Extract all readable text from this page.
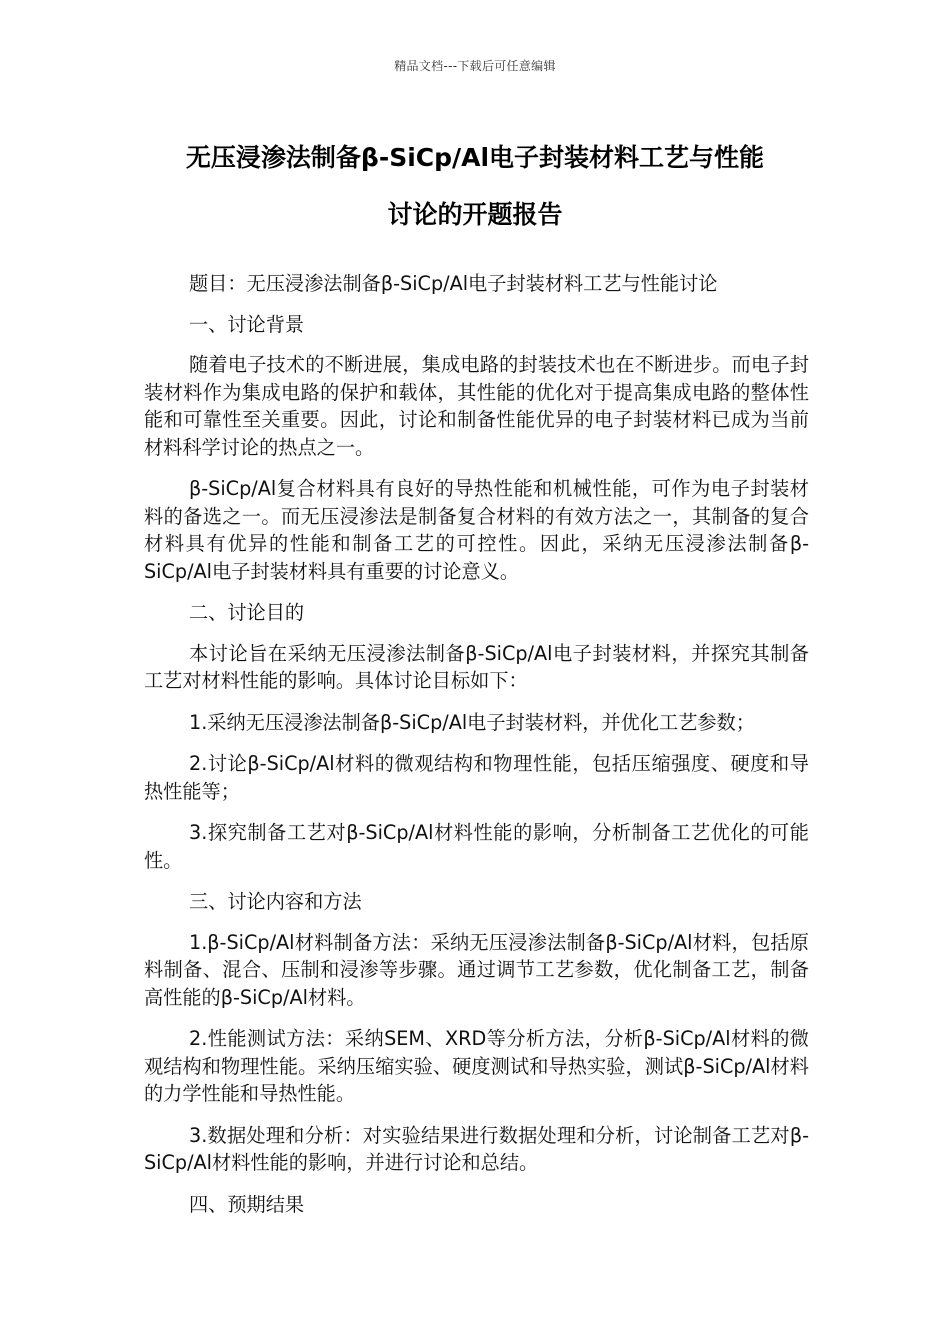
精品文档---下载后可任意编辑
无压浸渗法制备β-SiCp/Al电子封装材料工艺与性能
讨论的开题报告

题目：无压浸渗法制备β-SiCp/Al电子封装材料工艺与性能讨论

一、讨论背景

随着电子技术的不断进展，集成电路的封装技术也在不断进步。而电子封装材料作为集成电路的保护和载体，其性能的优化对于提高集成电路的整体性能和可靠性至关重要。因此，讨论和制备性能优异的电子封装材料已成为当前材料科学讨论的热点之一。

β-SiCp/Al复合材料具有良好的导热性能和机械性能，可作为电子封装材料的备选之一。而无压浸渗法是制备复合材料的有效方法之一，其制备的复合材料具有优异的性能和制备工艺的可控性。因此，采纳无压浸渗法制备β-SiCp/Al电子封装材料具有重要的讨论意义。

二、讨论目的

本讨论旨在采纳无压浸渗法制备β-SiCp/Al电子封装材料，并探究其制备工艺对材料性能的影响。具体讨论目标如下：

1.采纳无压浸渗法制备β-SiCp/Al电子封装材料，并优化工艺参数；

2.讨论β-SiCp/Al材料的微观结构和物理性能，包括压缩强度、硬度和导热性能等；

3.探究制备工艺对β-SiCp/Al材料性能的影响，分析制备工艺优化的可能性。

三、讨论内容和方法

1.β-SiCp/Al材料制备方法：采纳无压浸渗法制备β-SiCp/Al材料，包括原料制备、混合、压制和浸渗等步骤。通过调节工艺参数，优化制备工艺，制备高性能的β-SiCp/Al材料。

2.性能测试方法：采纳SEM、XRD等分析方法，分析β-SiCp/Al材料的微观结构和物理性能。采纳压缩实验、硬度测试和导热实验，测试β-SiCp/Al材料的力学性能和导热性能。

3.数据处理和分析：对实验结果进行数据处理和分析，讨论制备工艺对β-SiCp/Al材料性能的影响，并进行讨论和总结。

四、预期结果
